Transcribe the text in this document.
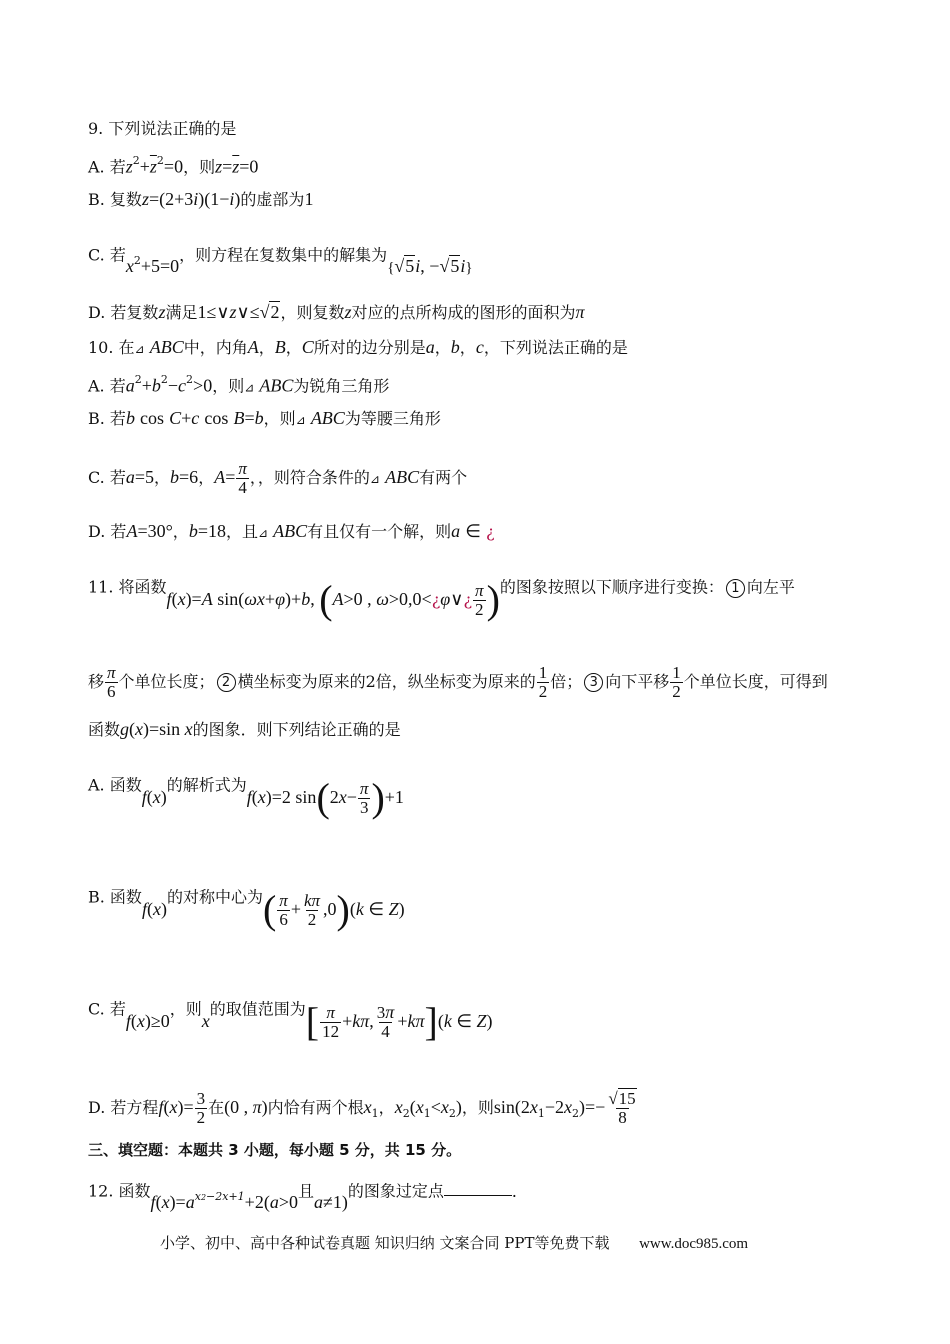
9. 下列说法正确的是
A. 若$z^2+\overline{z}^2=0$，则$z=\overline{z}=0$
B. 复数z=(2+3i)(1−i)的虚部为1
C. 若$x^2+5=0$，则方程在复数集中的解集为{√5i, −√5i}
D. 若复数z满足1≤∨z∨≤√2，则复数z对应的点所构成的图形的面积为π
10. 在⊿ ABC中，内角A，B，C所对的边分别是a，b，c，下列说法正确的是
A. 若$a^2+b^2-c^2>0$，则⊿ ABC为锐角三角形
B. 若b cos C+c cos B=b，则⊿ ABC为等腰三角形
C. 若a=5，b=6，$A= \frac{\pi}{4}$ ，，则符合条件的⊿ ABC有两个
D. 若A=30°，b=18，且⊿ ABC有且仅有一个解，则a ∈ ¿
11. 将函数f(x)=A sin(ωx+φ)+b, (A>0 , ω>0,0<¿φ∨¿ $\frac{\pi}{2}$ )的图象按照以下顺序进行变换： 1 向左平
移 $\frac{\pi}{6}$ 个单位长度； 2 横坐标变为原来的2倍，纵坐标变为原来的 $\frac{1}{2}$ 倍； 3 向下平移 $\frac{1}{2}$ 个单位长度，可得到
函数g(x)=sin x的图象．则下列结论正确的是
A. 函数f(x)的解析式为f(x)=2 $\sin(2x- \frac{\pi}{3} )+1$
B. 函数f(x)的对称中心为( $\frac{\pi}{6} + \frac{k\pi}{2} ,0)(k$ ∈ Z)
C. 若f(x)≥0，则x的取值范围为[ $\frac{\pi}{12} +k\pi$, $\frac{3\pi}{4} +k\pi](k$ ∈ Z)
D. 若方程$f(x)= \frac{3}{2}$ 在(0 , π)内恰有两个根$x_1$，$x_2(x_1<x_2)$，则$\sin(2x_1-2x_2)=- \frac{√15}{8}$
三、填空题：本题共 3 小题，每小题 5 分，共 15 分。
12. 函数$f(x)=a^{x2-2x+1}+2(a>0$且a≠1)的图象过定点	．
小学、初中、高中各种试卷真题 知识归纳 文案合同 PPT等免费下载 www.doc985.com
